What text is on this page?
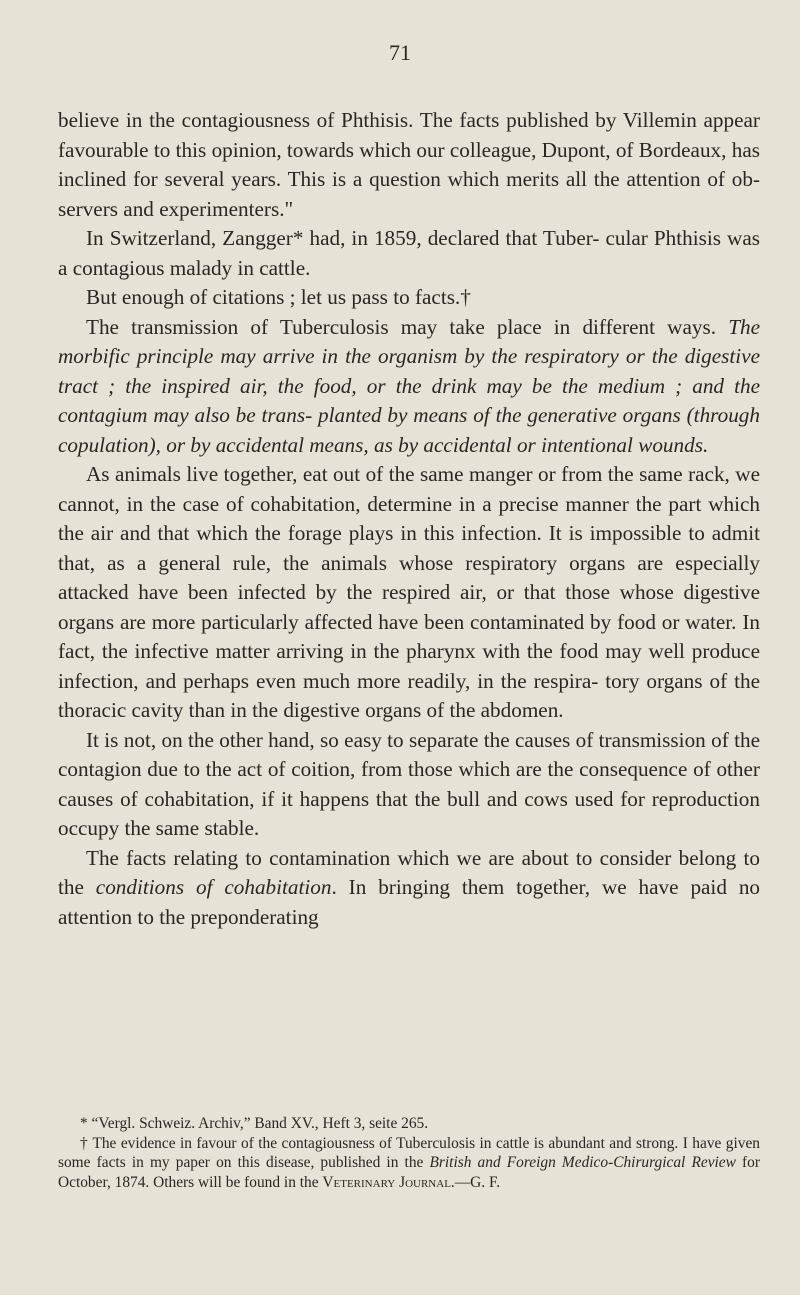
71

believe in the contagiousness of Phthisis. The facts published by Villemin appear favourable to this opinion, towards which our colleague, Dupont, of Bordeaux, has inclined for several years. This is a question which merits all the attention of ob- servers and experimenters."

In Switzerland, Zangger* had, in 1859, declared that Tuber- cular Phthisis was a contagious malady in cattle.

But enough of citations ; let us pass to facts.†

The transmission of Tuberculosis may take place in different ways. The morbific principle may arrive in the organism by the respiratory or the digestive tract ; the inspired air, the food, or the drink may be the medium ; and the contagium may also be trans- planted by means of the generative organs (through copulation), or by accidental means, as by accidental or intentional wounds.

As animals live together, eat out of the same manger or from the same rack, we cannot, in the case of cohabitation, determine in a precise manner the part which the air and that which the forage plays in this infection. It is impossible to admit that, as a general rule, the animals whose respiratory organs are especially attacked have been infected by the respired air, or that those whose digestive organs are more particularly affected have been contaminated by food or water. In fact, the infective matter arriving in the pharynx with the food may well produce infection, and perhaps even much more readily, in the respira- tory organs of the thoracic cavity than in the digestive organs of the abdomen.

It is not, on the other hand, so easy to separate the causes of transmission of the contagion due to the act of coition, from those which are the consequence of other causes of cohabitation, if it happens that the bull and cows used for reproduction occupy the same stable.

The facts relating to contamination which we are about to consider belong to the conditions of cohabitation. In bringing them together, we have paid no attention to the preponderating

* “Vergl. Schweiz. Archiv,” Band XV., Heft 3, seite 265.

† The evidence in favour of the contagiousness of Tuberculosis in cattle is abundant and strong. I have given some facts in my paper on this disease, published in the British and Foreign Medico-Chirurgical Review for October, 1874. Others will be found in the Veterinary Journal.—G. F.
